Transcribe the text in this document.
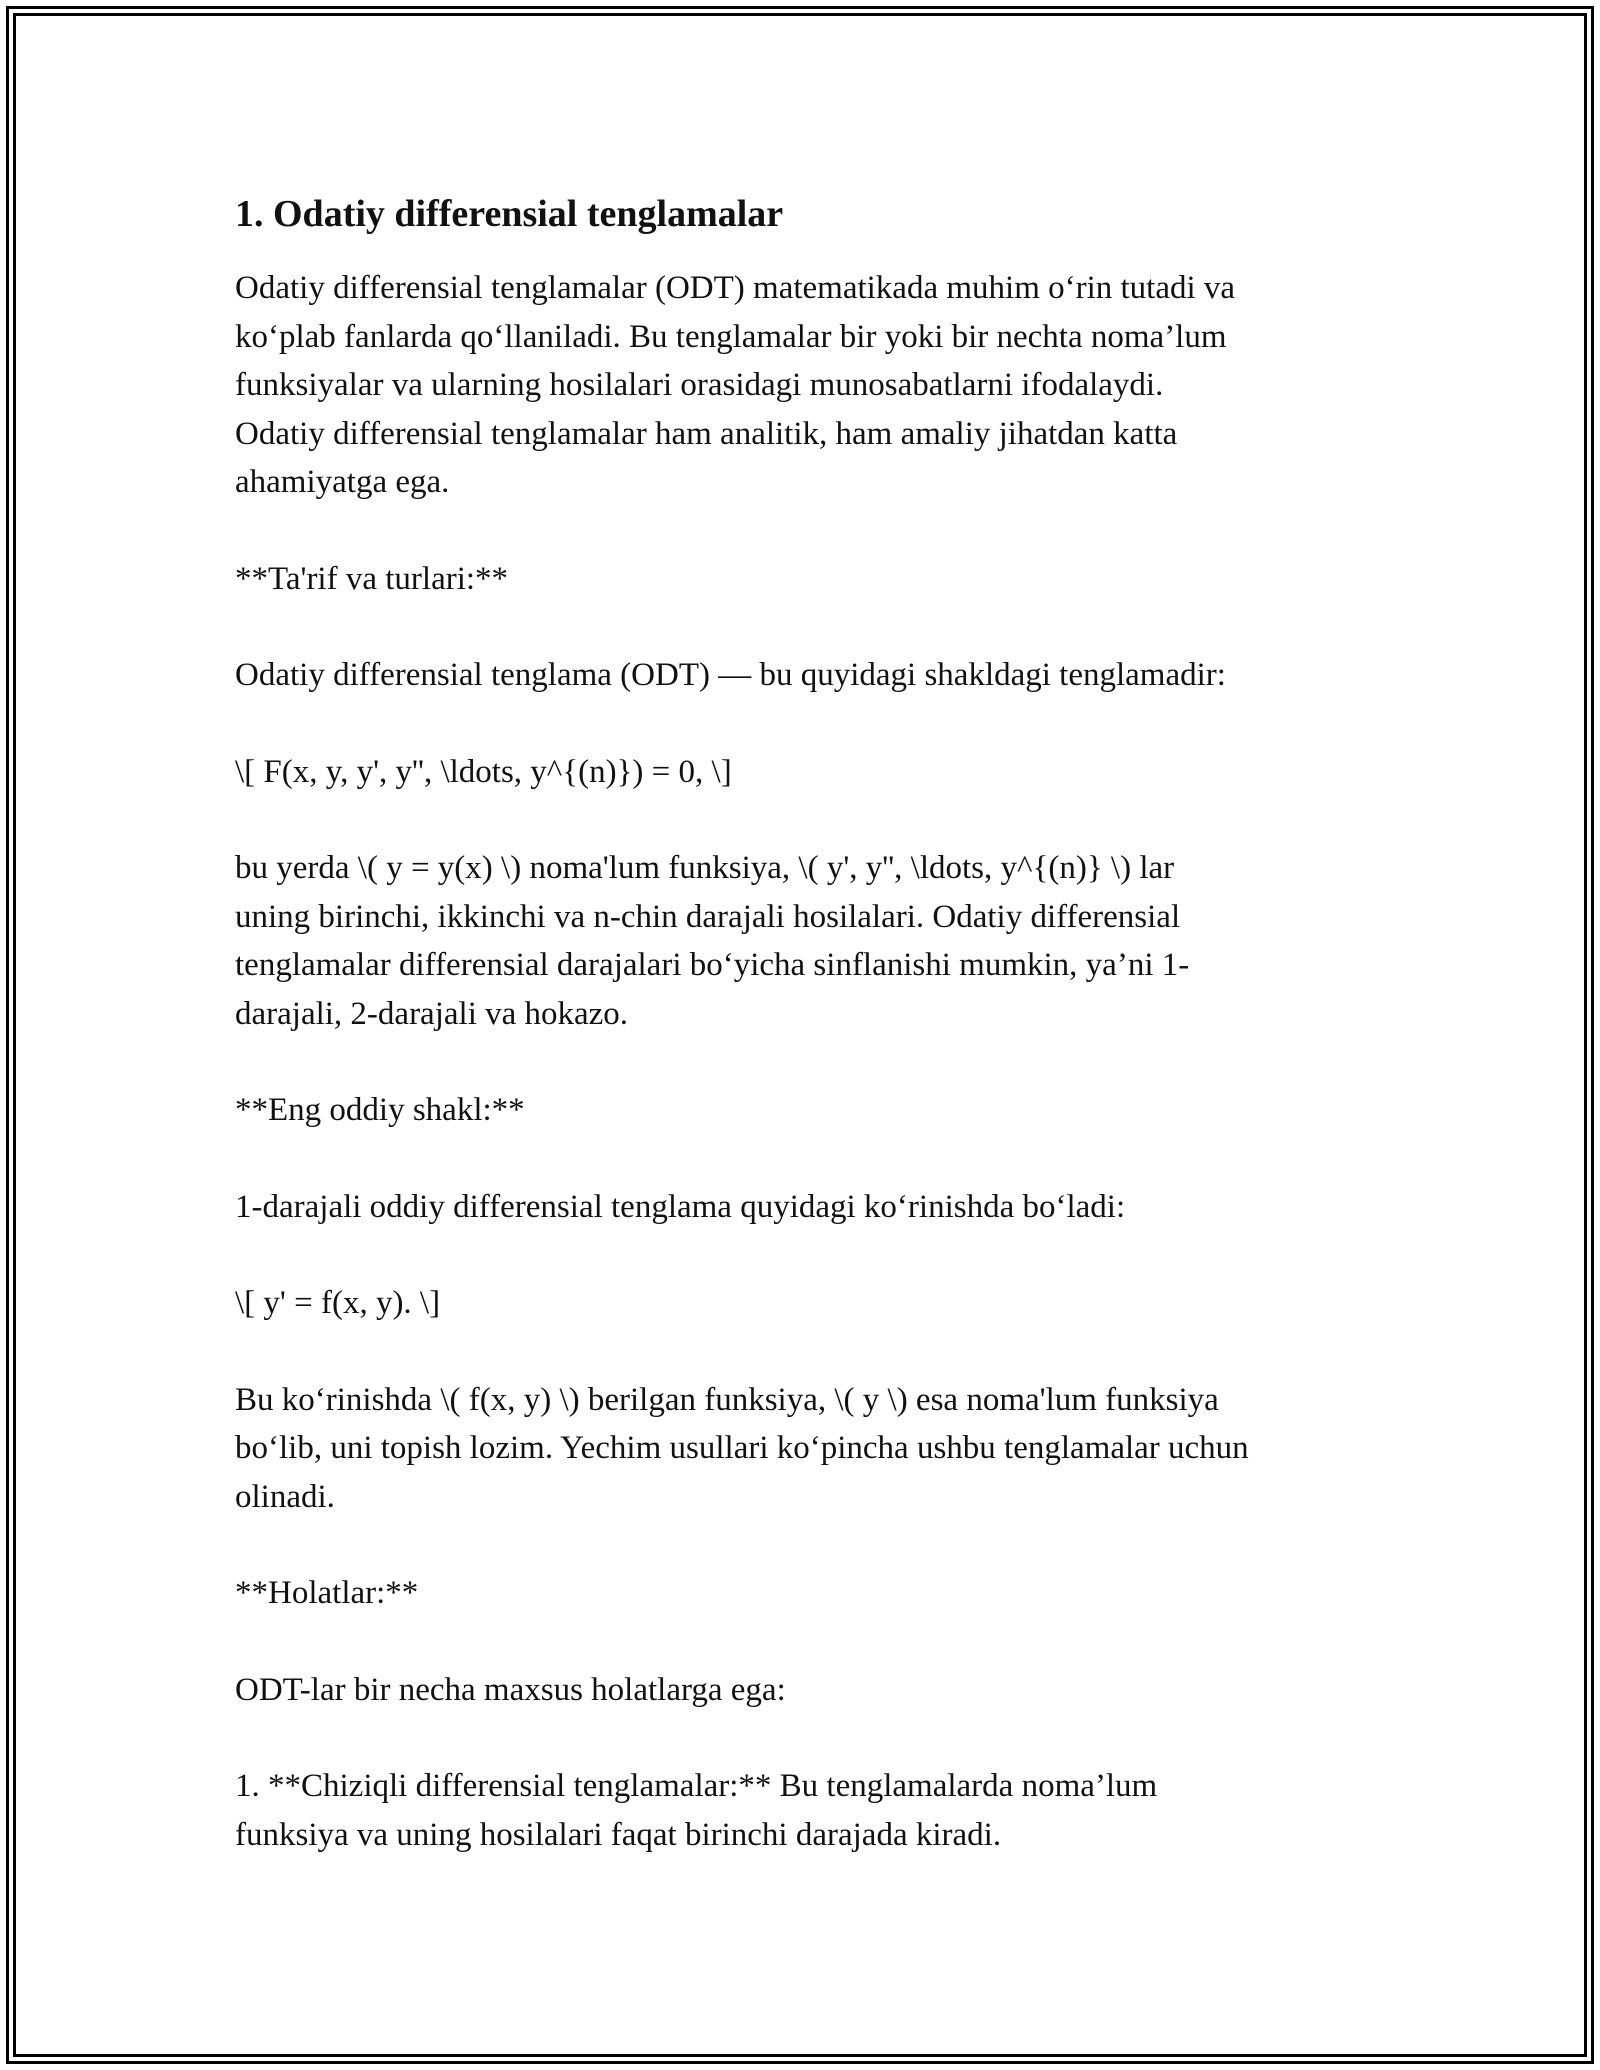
1. Odatiy differensial tenglamalar

Odatiy differensial tenglamalar (ODT) matematikada muhim o‘rin tutadi va
ko‘plab fanlarda qo‘llaniladi. Bu tenglamalar bir yoki bir nechta noma’lum
funksiyalar va ularning hosilalari orasidagi munosabatlarni ifodalaydi.
Odatiy differensial tenglamalar ham analitik, ham amaliy jihatdan katta
ahamiyatga ega.

**Ta'rif va turlari:**

Odatiy differensial tenglama (ODT) — bu quyidagi shakldagi tenglamadir:

\[ F(x, y, y', y'', \ldots, y^{(n)}) = 0, \]

bu yerda \( y = y(x) \) noma'lum funksiya, \( y', y'', \ldots, y^{(n)} \) lar
uning birinchi, ikkinchi va n-chin darajali hosilalari. Odatiy differensial
tenglamalar differensial darajalari bo‘yicha sinflanishi mumkin, ya’ni 1-
darajali, 2-darajali va hokazo.

**Eng oddiy shakl:**

1-darajali oddiy differensial tenglama quyidagi ko‘rinishda bo‘ladi:

\[ y' = f(x, y). \]

Bu ko‘rinishda \( f(x, y) \) berilgan funksiya, \( y \) esa noma'lum funksiya
bo‘lib, uni topish lozim. Yechim usullari ko‘pincha ushbu tenglamalar uchun
olinadi.

**Holatlar:**

ODT-lar bir necha maxsus holatlarga ega:

1. **Chiziqli differensial tenglamalar:** Bu tenglamalarda noma’lum
funksiya va uning hosilalari faqat birinchi darajada kiradi.
